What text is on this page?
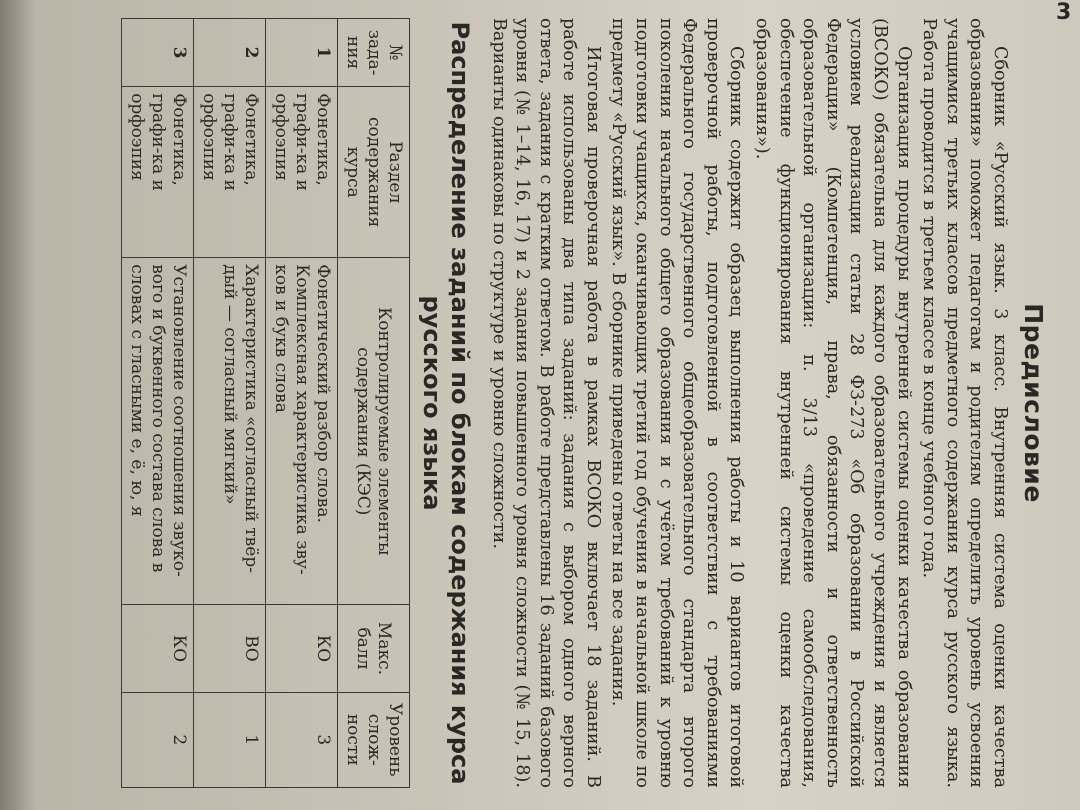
Предисловие

Сборник «Русский язык. 3 класс. Внутренняя система оценки качества образования» поможет педагогам и родителям определить уровень усвоения учащимися третьих классов предметного содержания курса русского языка. Работа проводится в третьем классе в конце учебного года.

Организация процедуры внутренней системы оценки качества образования (ВСОКО) обязательна для каждого образовательного учреждения и является условием реализации статьи 28 ФЗ-273 «Об образовании в Российской Федерации» (Компетенция, права, обязанности и ответственность образовательной организации: п. 3/13 «проведение самообследования, обеспечение функционирования внутренней системы оценки качества образования»).

Сборник содержит образец выполнения работы и 10 вариантов итоговой проверочной работы, подготовленной в соответствии с требованиями Федерального государственного общеобразовательного стандарта второго поколения начального общего образования и с учётом требований к уровню подготовки учащихся, оканчивающих третий год обучения в начальной школе по предмету «Русский язык». В сборнике приведены ответы на все задания.

Итоговая проверочная работа в рамках ВСОКО включает 18 заданий. В работе использованы два типа заданий: задания с выбором одного верного ответа, задания с кратким ответом. В работе представлены 16 заданий базового уровня (№ 1–14, 16, 17) и 2 задания повышенного уровня сложности (№ 15, 18). Варианты одинаковы по структуре и уровню сложности.

Распределение заданий по блокам содержания курса русского языка
№ зада-ния	Раздел содержания курса	Контролируемые элементы содержания (КЭС)	Макс. балл	Уровень слож-ности
1	Фонетика, графи-ка и орфоэпия	Фонетический разбор слова. Комплексная характеристика зву-ков и букв слова	КО	3
2	Фонетика, графи-ка и орфоэпия	Характеристика «согласный твёр-дый — согласный мягкий»	ВО	1
3	Фонетика, графи-ка и орфоэпия	Установление соотношения звуко-вого и буквенного состава слова в словах с гласными е, ё, ю, я	КО	2
3
